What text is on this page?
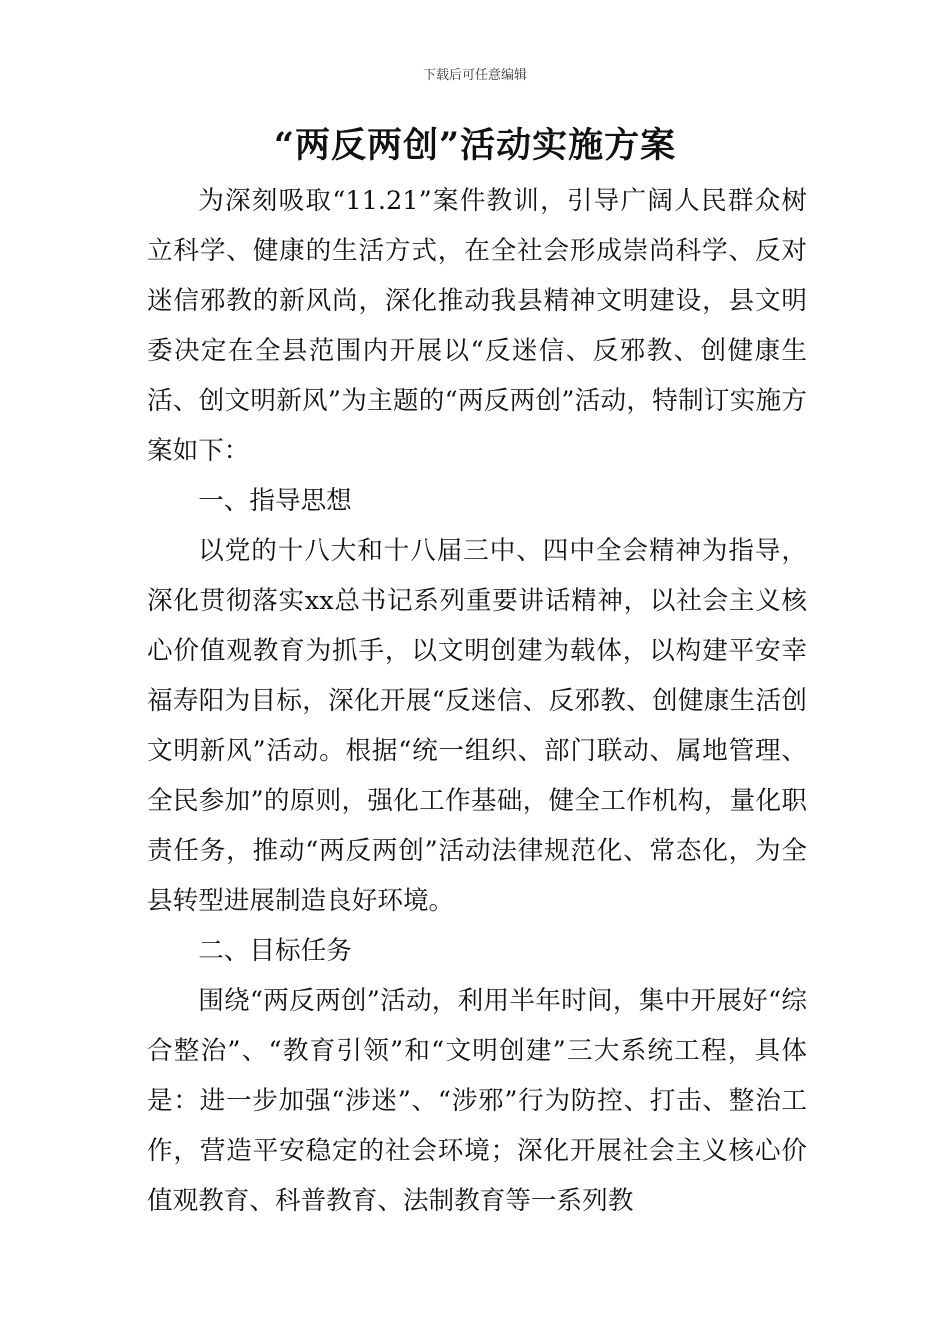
下载后可任意编辑
“两反两创”活动实施方案

为深刻吸取“11.21”案件教训，引导广阔人民群众树立科学、健康的生活方式，在全社会形成崇尚科学、反对迷信邪教的新风尚，深化推动我县精神文明建设，县文明委决定在全县范围内开展以“反迷信、反邪教、创健康生活、创文明新风”为主题的“两反两创”活动，特制订实施方案如下：

一、指导思想

以党的十八大和十八届三中、四中全会精神为指导，深化贯彻落实xx总书记系列重要讲话精神，以社会主义核心价值观教育为抓手，以文明创建为载体，以构建平安幸福寿阳为目标，深化开展“反迷信、反邪教、创健康生活创文明新风”活动。根据“统一组织、部门联动、属地管理、全民参加”的原则，强化工作基础，健全工作机构，量化职责任务，推动“两反两创”活动法律规范化、常态化，为全县转型进展制造良好环境。

二、目标任务

围绕“两反两创”活动，利用半年时间，集中开展好“综合整治”、“教育引领”和“文明创建”三大系统工程，具体是：进一步加强“涉迷”、“涉邪”行为防控、打击、整治工作，营造平安稳定的社会环境；深化开展社会主义核心价值观教育、科普教育、法制教育等一系列教
